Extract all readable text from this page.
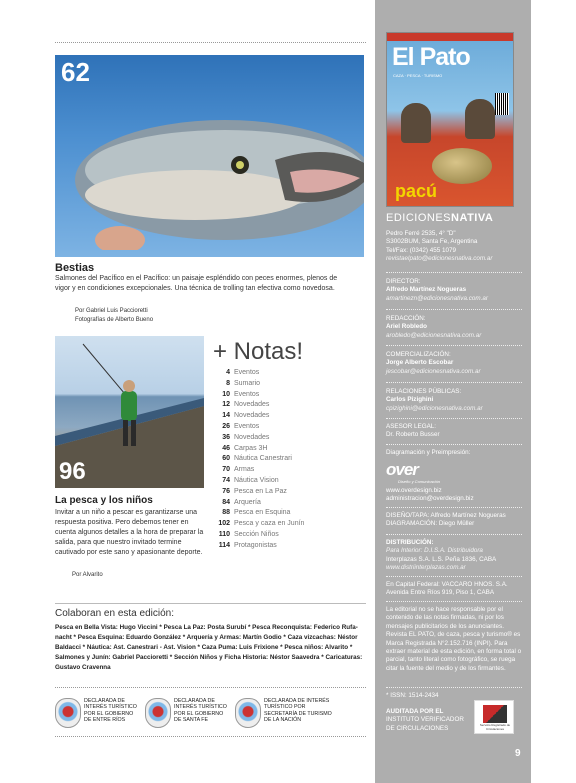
62
Bestias
Salmones del Pacífico en el Pacífico: un paisaje espléndido con peces enormes, plenos de vigor y en condiciones excepcionales. Una técnica de trolling tan efectiva como novedosa.
Por Gabriel Luis Paccioretti
Fotografías de Alberto Bueno
96
La pesca y los niños
Invitar a un niño a pescar es garantizarse una respuesta positiva. Pero debemos tener en cuenta algunos detalles a la hora de preparar la salida, para que nuestro invitado termine cautivado por este sano y apasionante deporte.
Por Alvarito
+ Notas!
4 Eventos
8 Sumario
10 Eventos
12 Novedades
14 Novedades
26 Eventos
36 Novedades
46 Carpas 3H
60 Náutica Canestrari
70 Armas
74 Náutica Vision
76 Pesca en La Paz
84 Arquería
88 Pesca en Esquina
102 Pesca y caza en Junín
110 Sección Niños
114 Protagonistas
Colaboran en esta edición:
Pesca en Bella Vista: Hugo Viccini * Pesca La Paz: Posta Surubí * Pesca Reconquista: Federico Rufa-nacht * Pesca Esquina: Eduardo González * Arquería y Armas: Martín Godio * Caza vizcachas: Néstor Baldacci * Náutica: Ast. Canestrari - Ast. Vision * Caza Puma: Luis Frixione * Pesca niños: Alvarito * Salmones y Junín: Gabriel Paccioretti * Sección Niños y Ficha Historia: Néstor Saavedra * Caricaturas: Gustavo Cravenna
DECLARADA DE INTERÉS TURÍSTICO POR EL GOBIERNO DE ENTRE RÍOS
DECLARADA DE INTERÉS TURÍSTICO POR EL GOBIERNO DE SANTA FE
DECLARADA DE INTERÉS TURÍSTICO POR SECRETARÍA DE TURISMO DE LA NACIÓN
El Pato
CAZA · PESCA · TURISMO
pacú
EDICIONESNATIVA
Pedro Ferré 2535, 4° "D"
S3002BUM, Santa Fe, Argentina
Tel/Fax: (0342) 455 1079
revistaelpato@edicionesnativa.com.ar
DIRECTOR:
Alfredo Martínez Nogueras
amartinezn@edicionesnativa.com.ar
REDACCIÓN:
Ariel Robledo
arobledo@edicionesnativa.com.ar
COMERCIALIZACIÓN:
Jorge Alberto Escobar
jescobar@edicionesnativa.com.ar
RELACIONES PÚBLICAS:
Carlos Pizighini
cpizighini@edicionesnativa.com.ar
ASESOR LEGAL:
Dr. Roberto Busser
Diagramación y Preimpresión:
over
Diseño y Comunicación
www.overdesign.biz
administracion@overdesign.biz
DISEÑO/TAPA: Alfredo Martínez Nogueras
DIAGRAMACIÓN: Diego Müller
DISTRIBUCIÓN:
Para Interior: D.I.S.A. Distribuidora
Interplazas S.A. L.S. Peña 1836, CABA
www.distriinterplazas.com.ar
En Capital Federal: VACCARO HNOS. S.A.
Avenida Entre Ríos 919, Piso 1, CABA
La editorial no se hace responsable por el contenido de las notas firmadas, ni por los mensajes publicitarios de los anunciantes. Revista EL PATO, de caza, pesca y turismo® es Marca Registrada N°2.152.716 (INPI). Para extraer material de esta edición, en forma total o parcial, tanto literal como fotográfico, se ruega citar la fuente del medio y de los firmantes.
* ISSN: 1514-2434
AUDITADA POR EL
INSTITUTO VERIFICADOR
DE CIRCULACIONES	Servicio Registrado de Circulaciones
9
